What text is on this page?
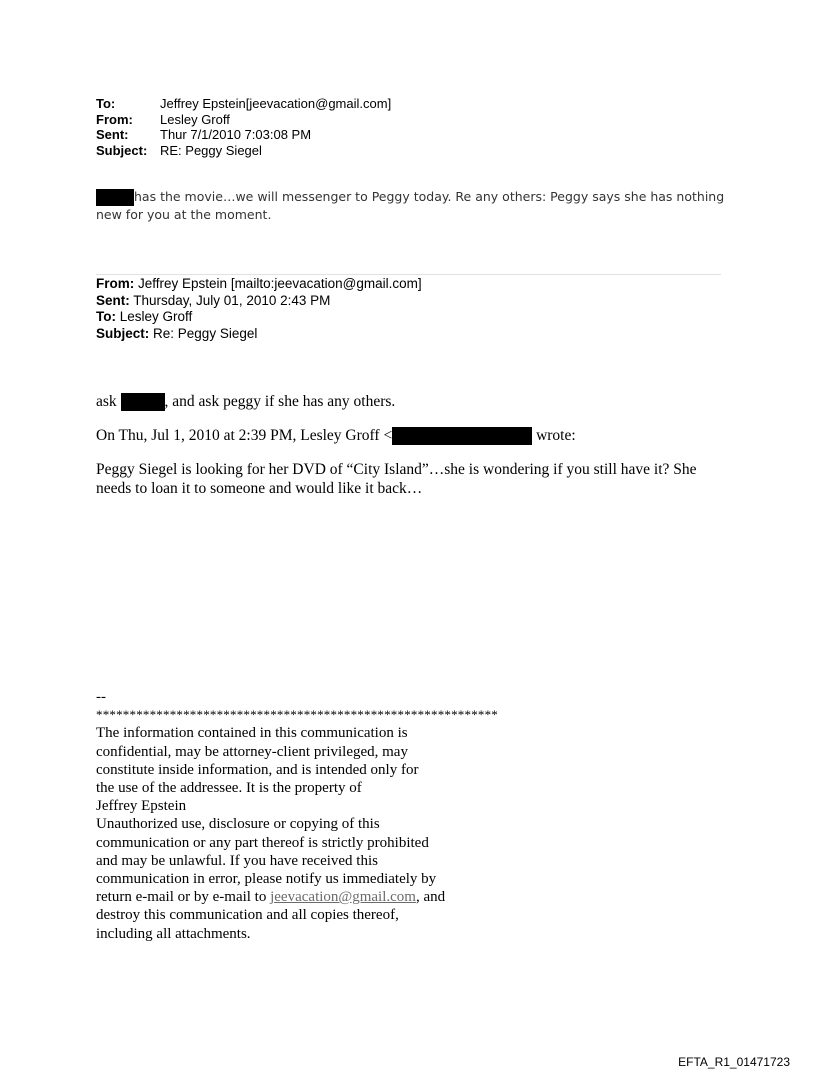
To:	Jeffrey Epstein[jeevacation@gmail.com]
From:	Lesley Groff
Sent:	Thur 7/1/2010 7:03:08 PM
Subject: RE: Peggy Siegel
has the movie…we will messenger to Peggy today. Re any others: Peggy says she has nothing
new for you at the moment.
From: Jeffrey Epstein [mailto:jeevacation@gmail.com]
Sent: Thursday, July 01, 2010 2:43 PM
To: Lesley Groff
Subject: Re: Peggy Siegel
ask	, and ask peggy if she has any others.
On Thu, Jul 1, 2010 at 2:39 PM, Lesley Groff <	wrote:
Peggy Siegel is looking for her DVD of “City Island”…she is wondering if you still have it? She
needs to loan it to someone and would like it back…
--
************************************************************
The information contained in this communication is
confidential, may be attorney-client privileged, may
constitute inside information, and is intended only for
the use of the addressee. It is the property of
Jeffrey Epstein
Unauthorized use, disclosure or copying of this
communication or any part thereof is strictly prohibited
and may be unlawful. If you have received this
communication in error, please notify us immediately by
return e-mail or by e-mail to jeevacation@gmail.com, and
destroy this communication and all copies thereof,
including all attachments.
EFTA_R1_01471723
